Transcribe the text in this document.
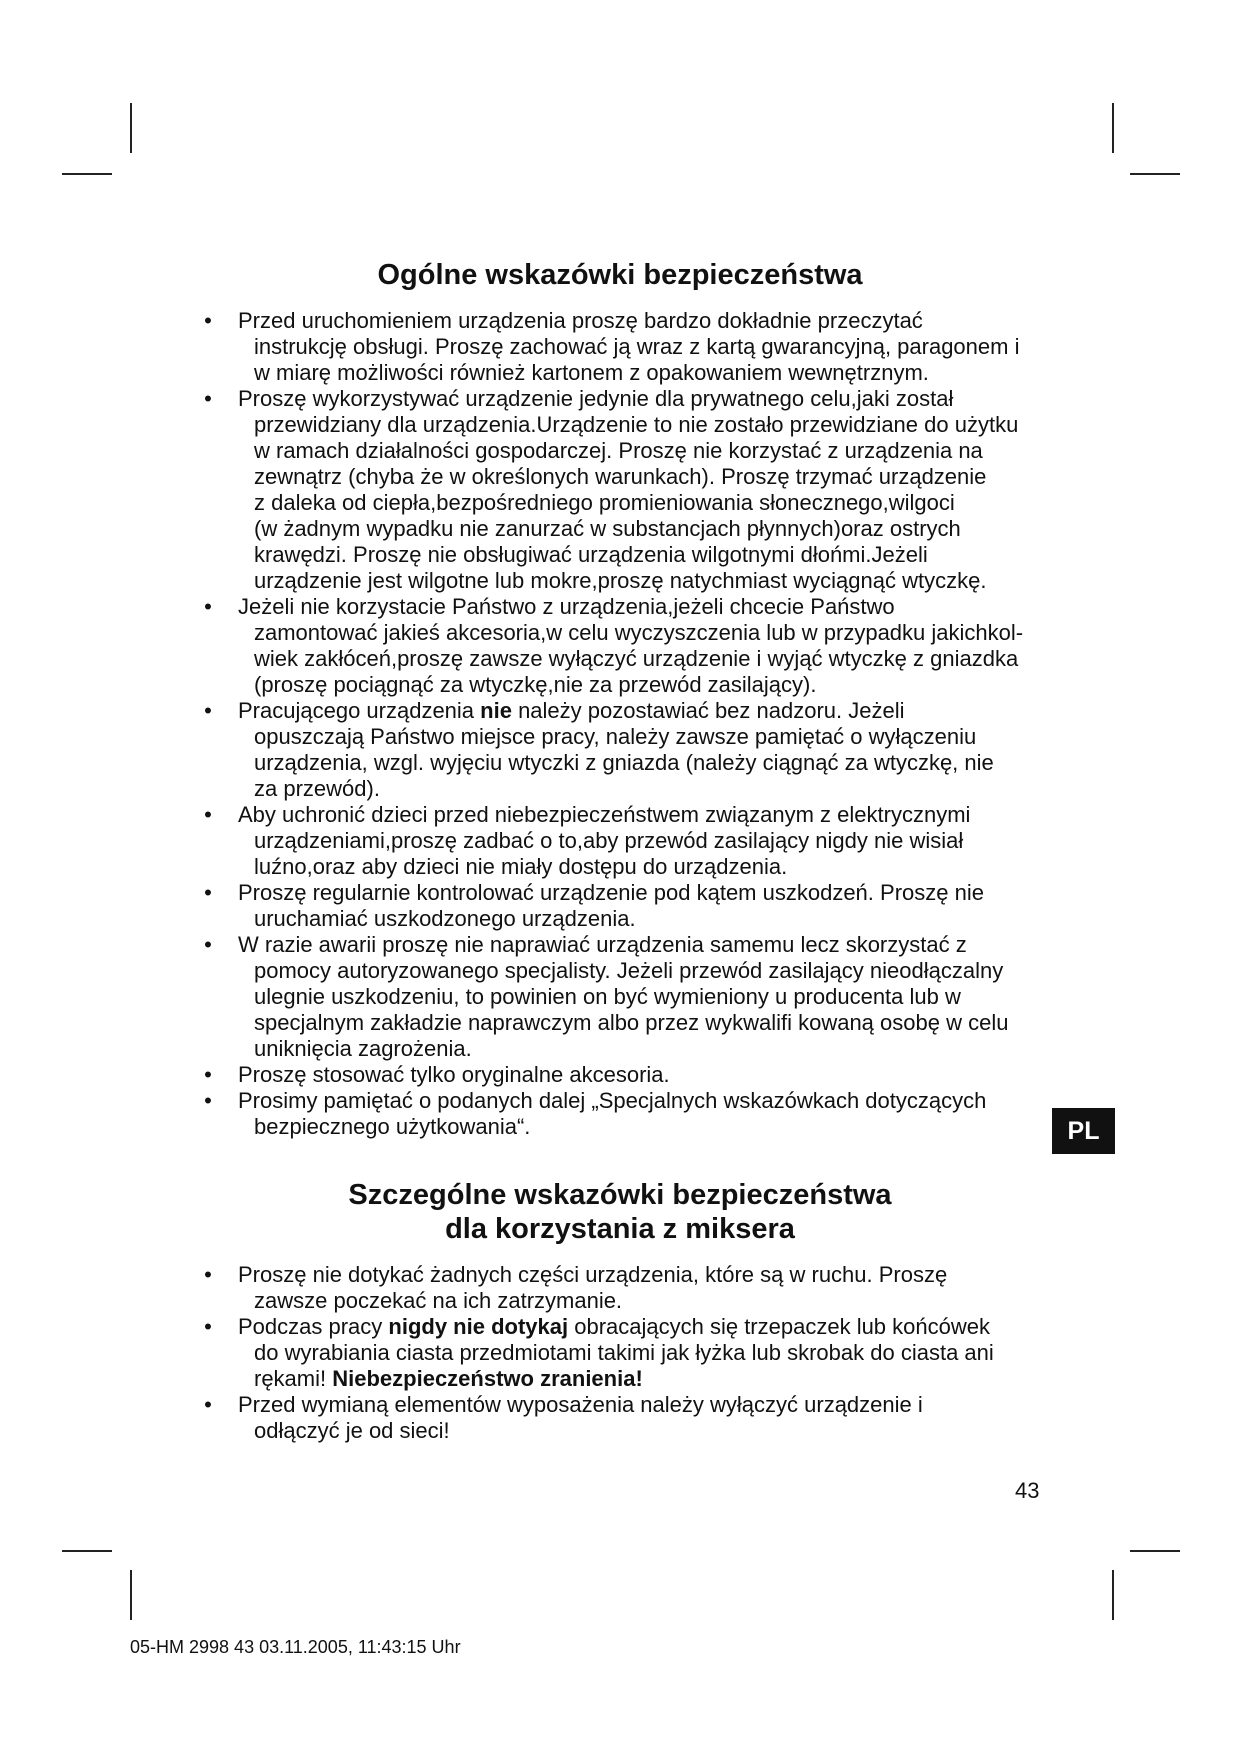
Ogólne wskazówki bezpieczeństwa
• Przed uruchomieniem urządzenia proszę bardzo dokładnie przeczytać
instrukcję obsługi. Proszę zachować ją wraz z kartą gwarancyjną, paragonem i
w miarę możliwości również kartonem z opakowaniem wewnętrznym.
• Proszę wykorzystywać urządzenie jedynie dla prywatnego celu,jaki został
przewidziany dla urządzenia.Urządzenie to nie zostało przewidziane do użytku
w ramach działalności gospodarczej. Proszę nie korzystać z urządzenia na
zewnątrz (chyba że w określonych warunkach). Proszę trzymać urządzenie
z daleka od ciepła,bezpośredniego promieniowania słonecznego,wilgoci
(w żadnym wypadku nie zanurzać w substancjach płynnych)oraz ostrych
krawędzi. Proszę nie obsługiwać urządzenia wilgotnymi dłońmi.Jeżeli
urządzenie jest wilgotne lub mokre,proszę natychmiast wyciągnąć wtyczkę.
• Jeżeli nie korzystacie Państwo z urządzenia,jeżeli chcecie Państwo
zamontować jakieś akcesoria,w celu wyczyszczenia lub w przypadku jakichkol-
wiek zakłóceń,proszę zawsze wyłączyć urządzenie i wyjąć wtyczkę z gniazdka
(proszę pociągnąć za wtyczkę,nie za przewód zasilający).
• Pracującego urządzenia nie należy pozostawiać bez nadzoru. Jeżeli
opuszczają Państwo miejsce pracy, należy zawsze pamiętać o wyłączeniu
urządzenia, wzgl. wyjęciu wtyczki z gniazda (należy ciągnąć za wtyczkę, nie
za przewód).
• Aby uchronić dzieci przed niebezpieczeństwem związanym z elektrycznymi
urządzeniami,proszę zadbać o to,aby przewód zasilający nigdy nie wisiał
luźno,oraz aby dzieci nie miały dostępu do urządzenia.
• Proszę regularnie kontrolować urządzenie pod kątem uszkodzeń. Proszę nie
uruchamiać uszkodzonego urządzenia.
• W razie awarii proszę nie naprawiać urządzenia samemu lecz skorzystać z
pomocy autoryzowanego specjalisty. Jeżeli przewód zasilający nieodłączalny
ulegnie uszkodzeniu, to powinien on być wymieniony u producenta lub w
specjalnym zakładzie naprawczym albo przez wykwalifi kowaną osobę w celu
uniknięcia zagrożenia.
• Proszę stosować tylko oryginalne akcesoria.
• Prosimy pamiętać o podanych dalej „Specjalnych wskazówkach dotyczących
bezpiecznego użytkowania“.
Szczególne wskazówki bezpieczeństwa
dla korzystania z miksera
• Proszę nie dotykać żadnych części urządzenia, które są w ruchu. Proszę
zawsze poczekać na ich zatrzymanie.
• Podczas pracy nigdy nie dotykaj obracających się trzepaczek lub końcówek
do wyrabiania ciasta przedmiotami takimi jak łyżka lub skrobak do ciasta ani
rękami! Niebezpieczeństwo zranienia!
• Przed wymianą elementów wyposażenia należy wyłączyć urządzenie i
odłączyć je od sieci!
PL
43
05-HM 2998 43 03.11.2005, 11:43:15 Uhr
